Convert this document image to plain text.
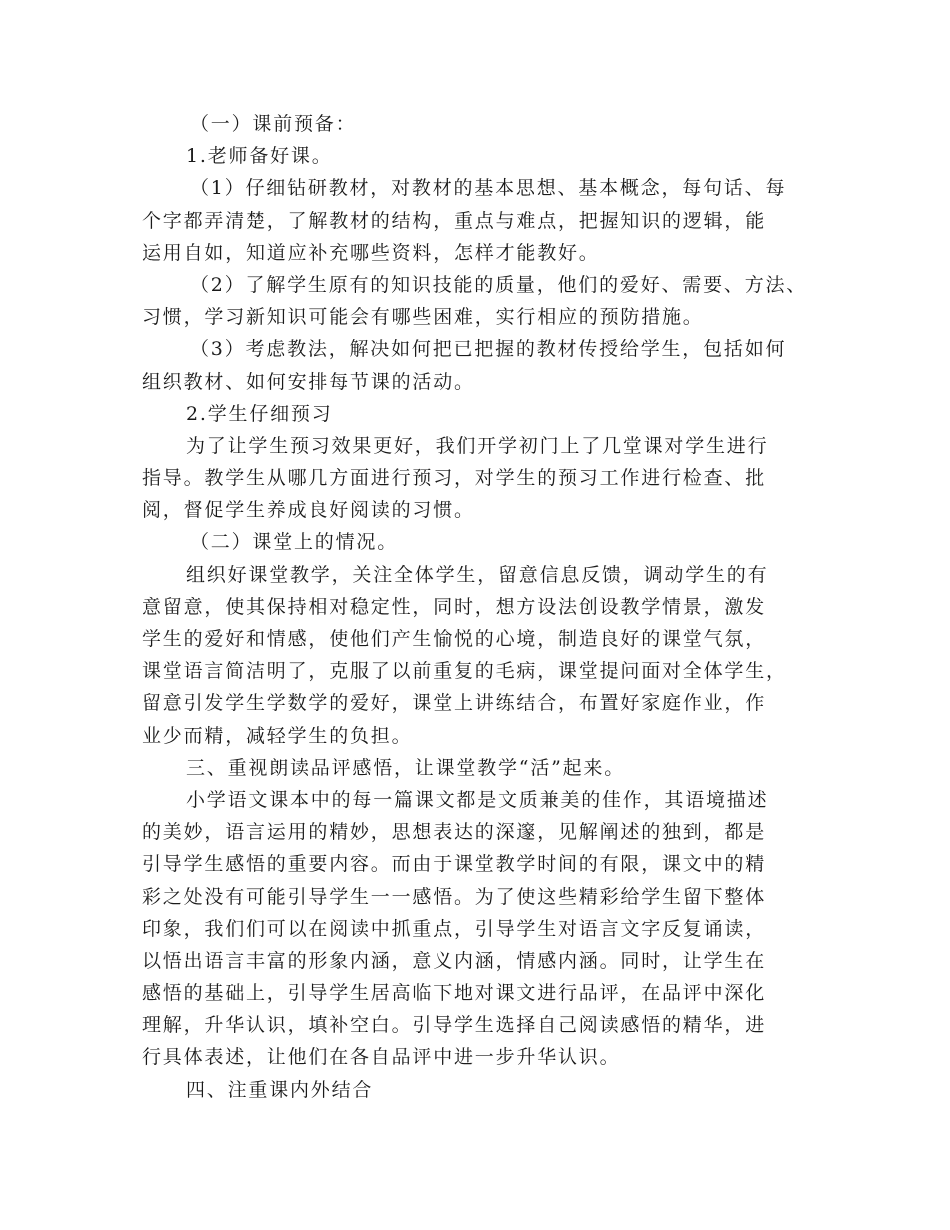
（一）课前预备：
1.老师备好课。
（1）仔细钻研教材，对教材的基本思想、基本概念，每句话、每
个字都弄清楚，了解教材的结构，重点与难点，把握知识的逻辑，能
运用自如，知道应补充哪些资料，怎样才能教好。
（2）了解学生原有的知识技能的质量，他们的爱好、需要、方法、
习惯，学习新知识可能会有哪些困难，实行相应的预防措施。
（3）考虑教法，解决如何把已把握的教材传授给学生，包括如何
组织教材、如何安排每节课的活动。
2.学生仔细预习
为了让学生预习效果更好，我们开学初门上了几堂课对学生进行
指导。教学生从哪几方面进行预习，对学生的预习工作进行检查、批
阅，督促学生养成良好阅读的习惯。
（二）课堂上的情况。
组织好课堂教学，关注全体学生，留意信息反馈，调动学生的有
意留意，使其保持相对稳定性，同时，想方设法创设教学情景，激发
学生的爱好和情感，使他们产生愉悦的心境，制造良好的课堂气氛，
课堂语言简洁明了，克服了以前重复的毛病，课堂提问面对全体学生，
留意引发学生学数学的爱好，课堂上讲练结合，布置好家庭作业，作
业少而精，减轻学生的负担。
三、重视朗读品评感悟，让课堂教学“活”起来。
小学语文课本中的每一篇课文都是文质兼美的佳作，其语境描述
的美妙，语言运用的精妙，思想表达的深邃，见解阐述的独到，都是
引导学生感悟的重要内容。而由于课堂教学时间的有限，课文中的精
彩之处没有可能引导学生一一感悟。为了使这些精彩给学生留下整体
印象，我们们可以在阅读中抓重点，引导学生对语言文字反复诵读，
以悟出语言丰富的形象内涵，意义内涵，情感内涵。同时，让学生在
感悟的基础上，引导学生居高临下地对课文进行品评，在品评中深化
理解，升华认识，填补空白。引导学生选择自己阅读感悟的精华，进
行具体表述，让他们在各自品评中进一步升华认识。
四、注重课内外结合
